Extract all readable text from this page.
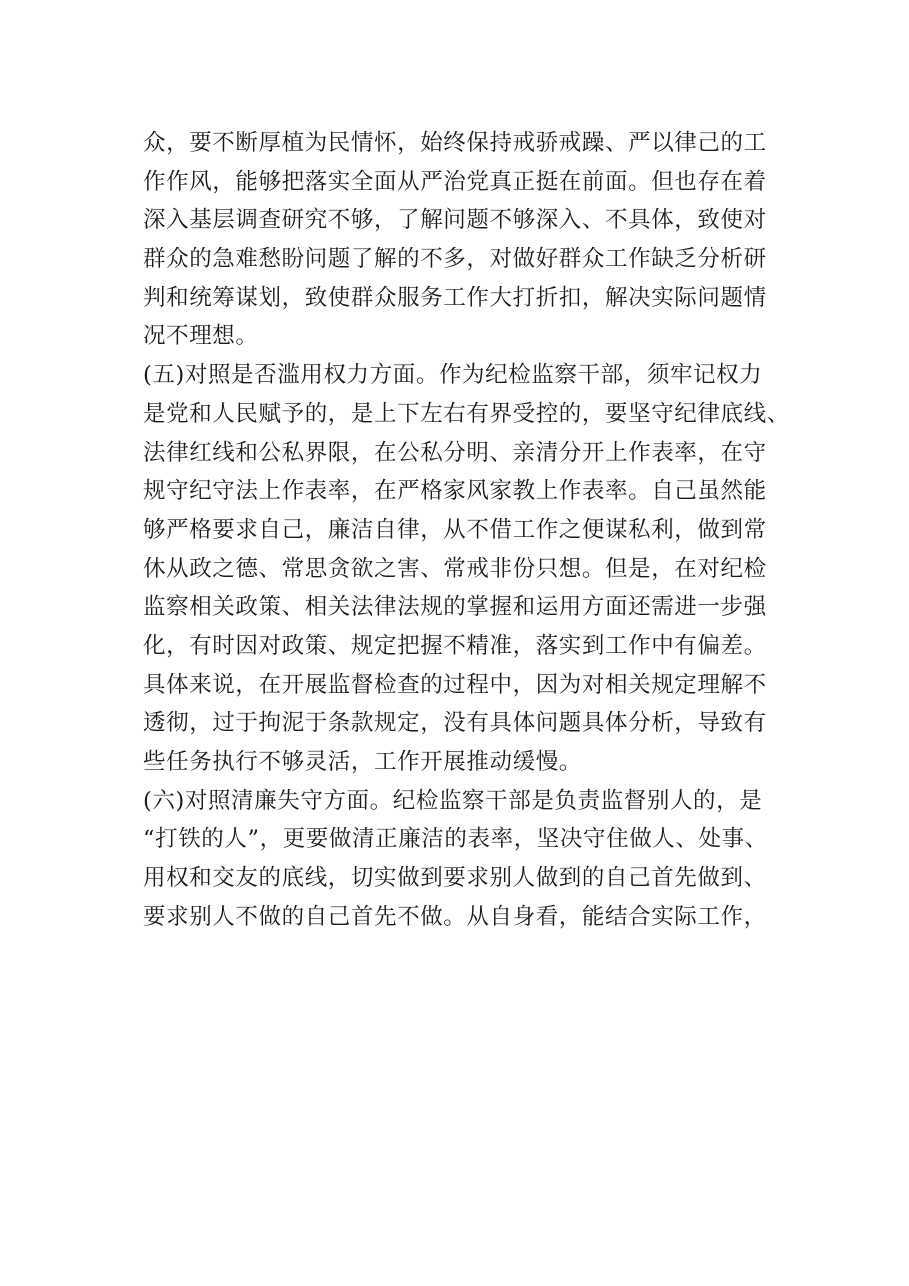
众，要不断厚植为民情怀，始终保持戒骄戒躁、严以律己的工
作作风，能够把落实全面从严治党真正挺在前面。但也存在着
深入基层调查研究不够，了解问题不够深入、不具体，致使对
群众的急难愁盼问题了解的不多，对做好群众工作缺乏分析研
判和统筹谋划，致使群众服务工作大打折扣，解决实际问题情
况不理想。
(五)对照是否滥用权力方面。作为纪检监察干部，须牢记权力
是党和人民赋予的，是上下左右有界受控的，要坚守纪律底线、
法律红线和公私界限，在公私分明、亲清分开上作表率，在守
规守纪守法上作表率，在严格家风家教上作表率。自己虽然能
够严格要求自己，廉洁自律，从不借工作之便谋私利，做到常
休从政之德、常思贪欲之害、常戒非份只想。但是，在对纪检
监察相关政策、相关法律法规的掌握和运用方面还需进一步强
化，有时因对政策、规定把握不精准，落实到工作中有偏差。
具体来说，在开展监督检查的过程中，因为对相关规定理解不
透彻，过于拘泥于条款规定，没有具体问题具体分析，导致有
些任务执行不够灵活，工作开展推动缓慢。
(六)对照清廉失守方面。纪检监察干部是负责监督别人的，是
“打铁的人”，更要做清正廉洁的表率，坚决守住做人、处事、
用权和交友的底线，切实做到要求别人做到的自己首先做到、
要求别人不做的自己首先不做。从自身看，能结合实际工作，
